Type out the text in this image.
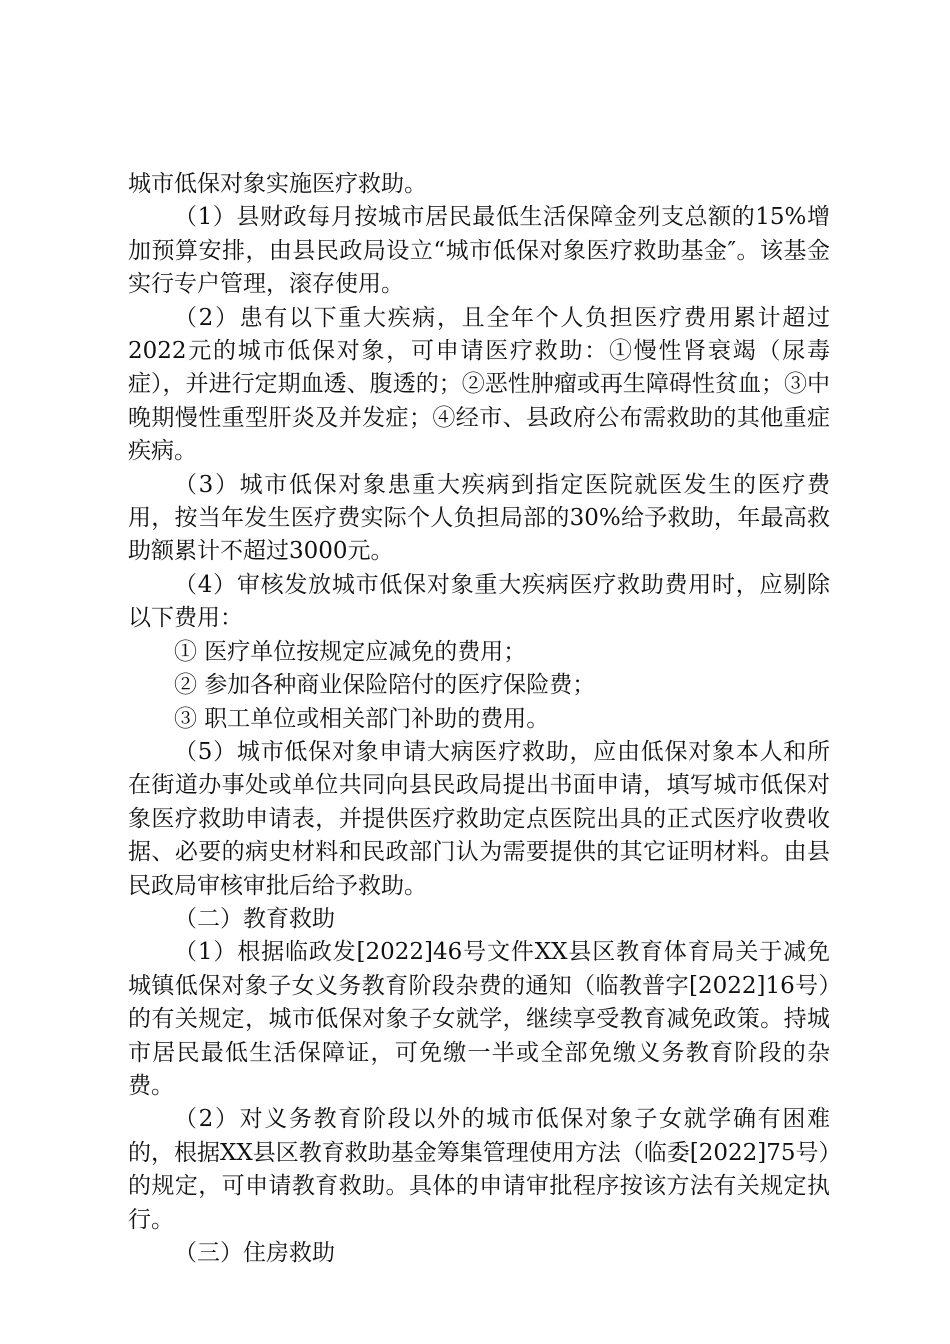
城市低保对象实施医疗救助。

（1）县财政每月按城市居民最低生活保障金列支总额的15%增加预算安排，由县民政局设立“城市低保对象医疗救助基金″。该基金实行专户管理，滚存使用。

（2）患有以下重大疾病，且全年个人负担医疗费用累计超过2022元的城市低保对象，可申请医疗救助：①慢性肾衰竭（尿毒症），并进行定期血透、腹透的；②恶性肿瘤或再生障碍性贫血；③中晚期慢性重型肝炎及并发症；④经市、县政府公布需救助的其他重症疾病。

（3）城市低保对象患重大疾病到指定医院就医发生的医疗费用，按当年发生医疗费实际个人负担局部的30%给予救助，年最高救助额累计不超过3000元。

（4）审核发放城市低保对象重大疾病医疗救助费用时，应剔除以下费用：

① 医疗单位按规定应减免的费用；

② 参加各种商业保险陪付的医疗保险费；

③ 职工单位或相关部门补助的费用。

（5）城市低保对象申请大病医疗救助，应由低保对象本人和所在街道办事处或单位共同向县民政局提出书面申请，填写城市低保对象医疗救助申请表，并提供医疗救助定点医院出具的正式医疗收费收据、必要的病史材料和民政部门认为需要提供的其它证明材料。由县民政局审核审批后给予救助。

（二）教育救助

（1）根据临政发[2022]46号文件XX县区教育体育局关于减免城镇低保对象子女义务教育阶段杂费的通知（临教普字[2022]16号）的有关规定，城市低保对象子女就学，继续享受教育减免政策。持城市居民最低生活保障证，可免缴一半或全部免缴义务教育阶段的杂费。

（2）对义务教育阶段以外的城市低保对象子女就学确有困难的，根据XX县区教育救助基金筹集管理使用方法（临委[2022]75号）的规定，可申请教育救助。具体的申请审批程序按该方法有关规定执行。

（三）住房救助
